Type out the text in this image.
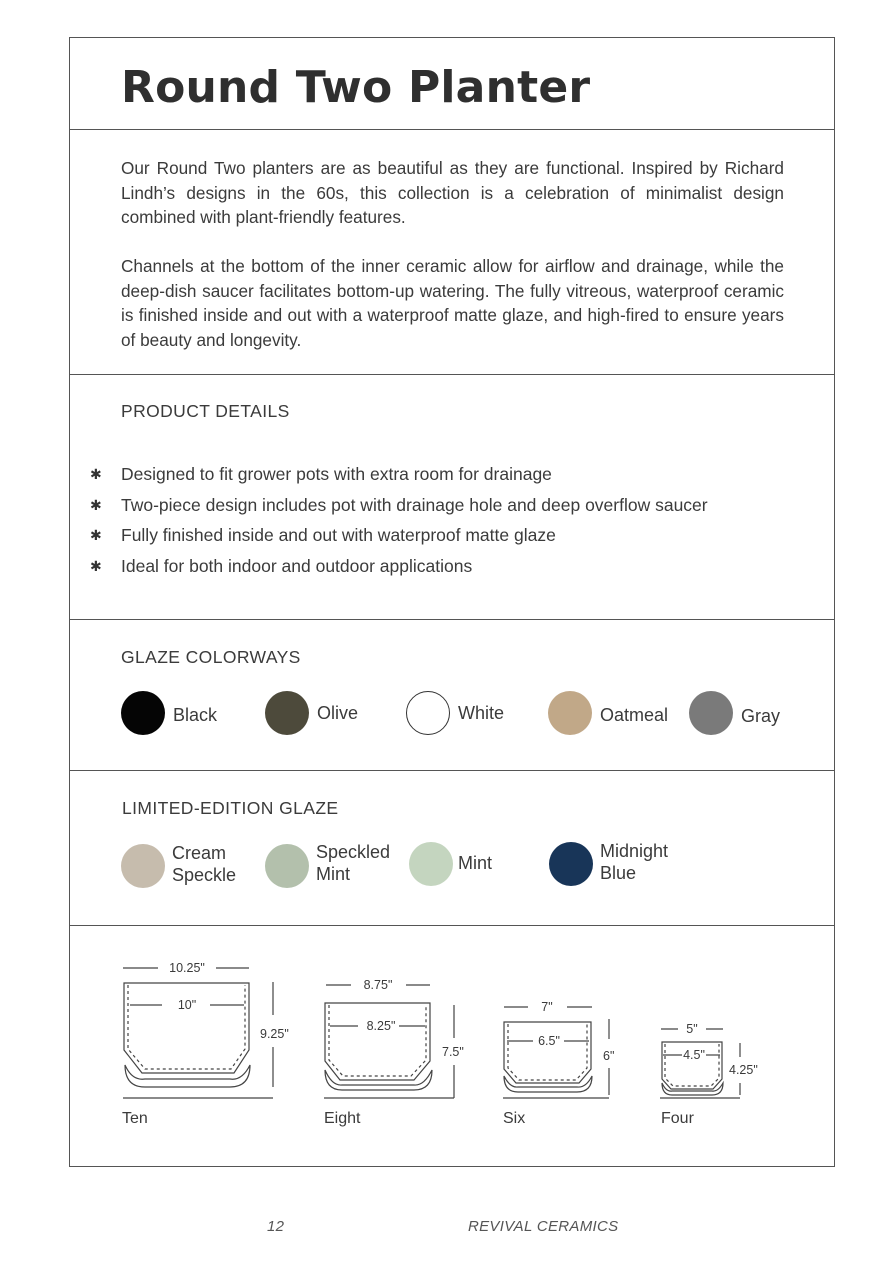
Round Two Planter

Our Round Two planters are as beautiful as they are functional. Inspired by Richard Lindh’s designs in the 60s, this collection is a celebration of minimalist design combined with plant-friendly features.

Channels at the bottom of the inner ceramic allow for airflow and drainage, while the deep-dish saucer facilitates bottom-up watering. The fully vitreous, waterproof ceramic is finished inside and out with a waterproof matte glaze, and high-fired to ensure years of beauty and longevity.

PRODUCT DETAILS
✱ Designed to fit grower pots with extra room for drainage
✱ Two-piece design includes pot with drainage hole and deep overflow saucer
✱ Fully finished inside and out with waterproof matte glaze
✱ Ideal for both indoor and outdoor applications
GLAZE COLORWAYS
Black	Olive	White	Oatmeal	Gray
LIMITED-EDITION GLAZE
Cream
Speckle
Speckled
Mint
Mint
Midnight
Blue
10.25"
10"
9.25"
8.75"
8.25"
7.5"
7"
6.5"
6"
5"
4.5"
4.25"
Ten	Eight	Six	Four
12	REVIVAL CERAMICS
